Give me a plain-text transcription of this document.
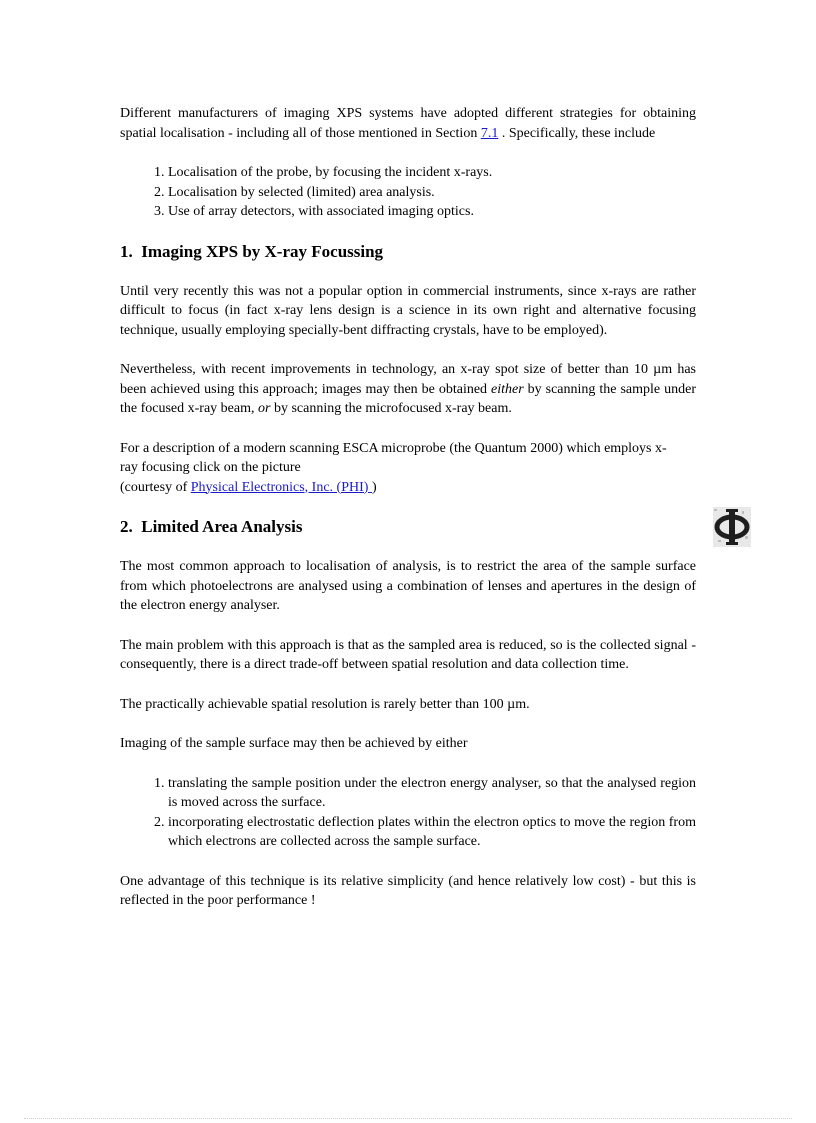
Different manufacturers of imaging XPS systems have adopted different strategies for obtaining spatial localisation - including all of those mentioned in Section 7.1 . Specifically, these include

1. Localisation of the probe, by focusing the incident x-rays.
2. Localisation by selected (limited) area analysis.
3. Use of array detectors, with associated imaging optics.
1. Imaging XPS by X-ray Focussing

Until very recently this was not a popular option in commercial instruments, since x-rays are rather difficult to focus (in fact x-ray lens design is a science in its own right and alternative focusing technique, usually employing specially-bent diffracting crystals, have to be employed).

Nevertheless, with recent improvements in technology, an x-ray spot size of better than 10 µm has been achieved using this approach; images may then be obtained either by scanning the sample under the focused x-ray beam, or by scanning the microfocused x-ray beam.

For a description of a modern scanning ESCA microprobe (the Quantum 2000) which employs x-ray focusing click on the picture
(courtesy of Physical Electronics, Inc. (PHI) )

2. Limited Area Analysis

The most common approach to localisation of analysis, is to restrict the area of the sample surface from which photoelectrons are analysed using a combination of lenses and apertures in the design of the electron energy analyser.

The main problem with this approach is that as the sampled area is reduced, so is the collected signal - consequently, there is a direct trade-off between spatial resolution and data collection time.

The practically achievable spatial resolution is rarely better than 100 µm.

Imaging of the sample surface may then be achieved by either

1. translating the sample position under the electron energy analyser, so that the analysed region is moved across the surface.
2. incorporating electrostatic deflection plates within the electron optics to move the region from which electrons are collected across the sample surface.

One advantage of this technique is its relative simplicity (and hence relatively low cost) - but this is reflected in the poor performance !
